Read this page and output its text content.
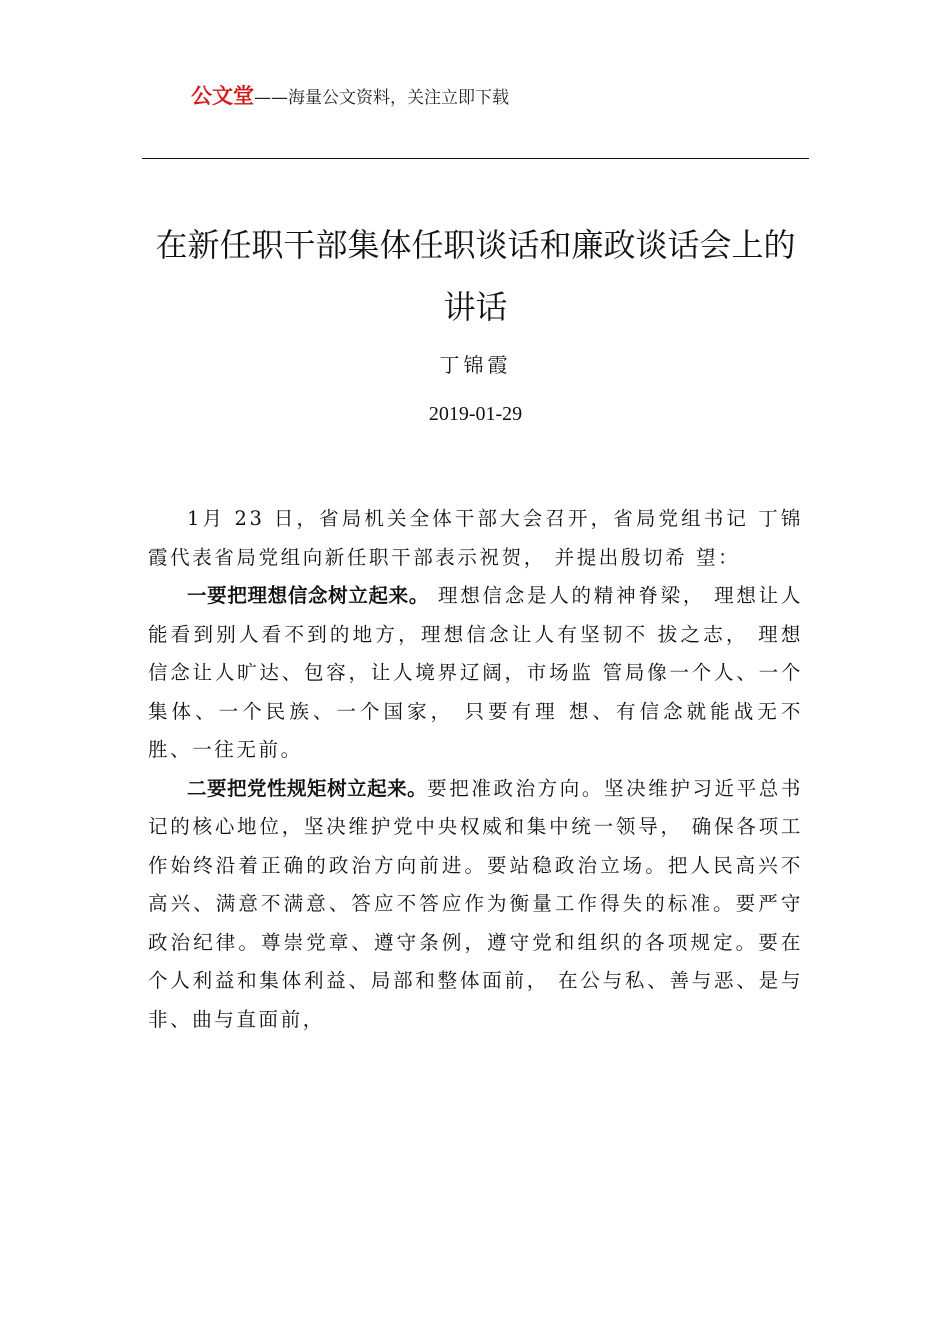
公文堂——海量公文资料，关注立即下载
在新任职干部集体任职谈话和廉政谈话会上的讲话
丁锦霞
2019-01-29

1月 23 日，省局机关全体干部大会召开，省局党组书记 丁锦霞代表省局党组向新任职干部表示祝贺， 并提出殷切希 望：

一要把理想信念树立起来。 理想信念是人的精神脊梁， 理想让人能看到别人看不到的地方，理想信念让人有坚韧不 拔之志， 理想信念让人旷达、包容，让人境界辽阔，市场监 管局像一个人、一个集体、一个民族、一个国家， 只要有理 想、有信念就能战无不胜、一往无前。

二要把党性规矩树立起来。要把准政治方向。坚决维护习近平总书记的核心地位，坚决维护党中央权威和集中统一领导， 确保各项工作始终沿着正确的政治方向前进。要站稳政治立场。把人民高兴不高兴、满意不满意、答应不答应作为衡量工作得失的标准。要严守政治纪律。尊崇党章、遵守条例，遵守党和组织的各项规定。要在个人利益和集体利益、局部和整体面前， 在公与私、善与恶、是与非、曲与直面前，
